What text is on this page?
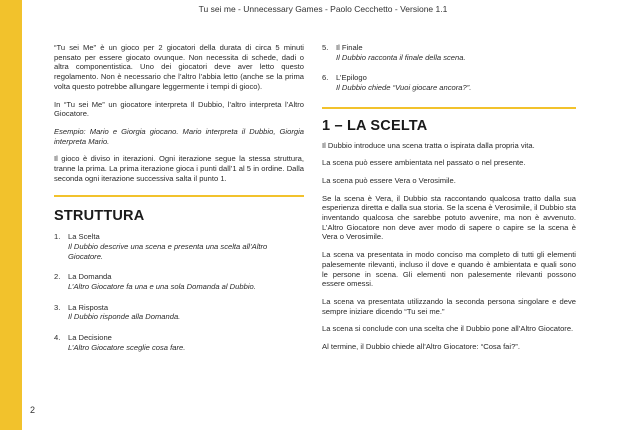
Tu sei me - Unnecessary Games - Paolo Cecchetto - Versione 1.1

“Tu sei Me” è un gioco per 2 giocatori della durata di circa 5 minuti pensato per essere giocato ovunque. Non necessita di schede, dadi o altra componentistica. Uno dei giocatori deve aver letto questo regolamento. Non è necessario che l’altro l’abbia letto (anche se la prima volta questo potrebbe allungare leggermente i tempi di gioco).

In “Tu sei Me” un giocatore interpreta Il Dubbio, l’altro interpreta l’Altro Giocatore.

Esempio: Mario e Giorgia giocano. Mario interpreta il Dubbio, Giorgia interpreta Mario.

Il gioco è diviso in iterazioni. Ogni iterazione segue la stessa struttura, tranne la prima. La prima iterazione gioca i punti dall’1 al 5 in ordine. Dalla seconda ogni iterazione successiva salta il punto 1.

STRUTTURA
1.	La Scelta
Il Dubbio descrive una scena e presenta una scelta all’Altro Giocatore.
2.	La Domanda
L’Altro Giocatore fa una e una sola Domanda al Dubbio.
3.	La Risposta
Il Dubbio risponde alla Domanda.
4.	La Decisione
L’Altro Giocatore sceglie cosa fare.
5.	Il Finale
Il Dubbio racconta il finale della scena.
6.	L’Epilogo
Il Dubbio chiede “Vuoi giocare ancora?”.
1 – LA SCELTA

Il Dubbio introduce una scena tratta o ispirata dalla propria vita.

La scena può essere ambientata nel passato o nel presente.

La scena può essere Vera o Verosimile.

Se la scena è Vera, il Dubbio sta raccontando qualcosa tratto dalla sua esperienza diretta e dalla sua storia. Se la scena è Verosimile, il Dubbio sta inventando qualcosa che sarebbe potuto avvenire, ma non è avvenuto. L’Altro Giocatore non deve aver modo di sapere o capire se la scena è Vera o Verosimile.

La scena va presentata in modo conciso ma completo di tutti gli elementi palesemente rilevanti, incluso il dove e quando è ambientata e quali sono le persone in scena. Gli elementi non palesemente rilevanti possono essere omessi.

La scena va presentata utilizzando la seconda persona singolare e deve sempre iniziare dicendo “Tu sei me.”

La scena si conclude con una scelta che il Dubbio pone all’Altro Giocatore.

Al termine, il Dubbio chiede all’Altro Giocatore: “Cosa fai?”.

2
